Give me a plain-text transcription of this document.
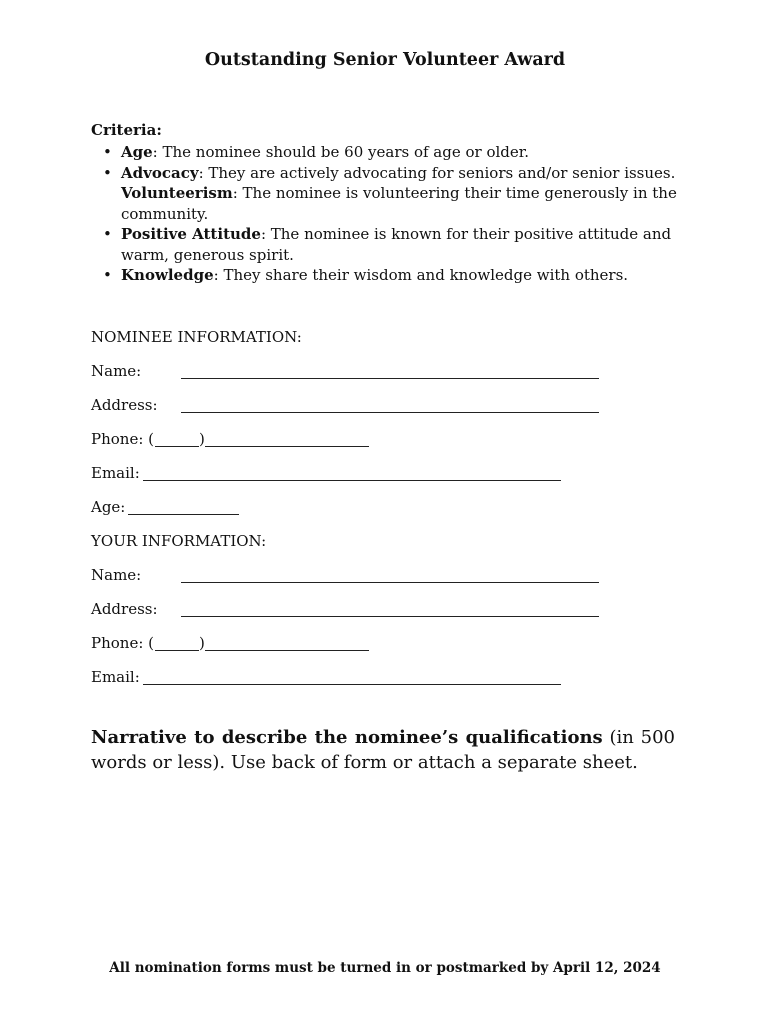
Outstanding Senior Volunteer Award
Criteria:
• Age: The nominee should be 60 years of age or older.
• Advocacy: They are actively advocating for seniors and/or senior issues.
Volunteerism: The nominee is volunteering their time generously in the community.
• Positive Attitude: The nominee is known for their positive attitude and warm, generous spirit.
• Knowledge: They share their wisdom and knowledge with others.
NOMINEE INFORMATION:
Name:
Address:
Phone: (	)
Email:
Age:
YOUR INFORMATION:
Name:
Address:
Phone: (	)
Email:
Narrative to describe the nominee’s qualifications (in 500 words or less). Use back of form or attach a separate sheet.
All nomination forms must be turned in or postmarked by April 12, 2024
